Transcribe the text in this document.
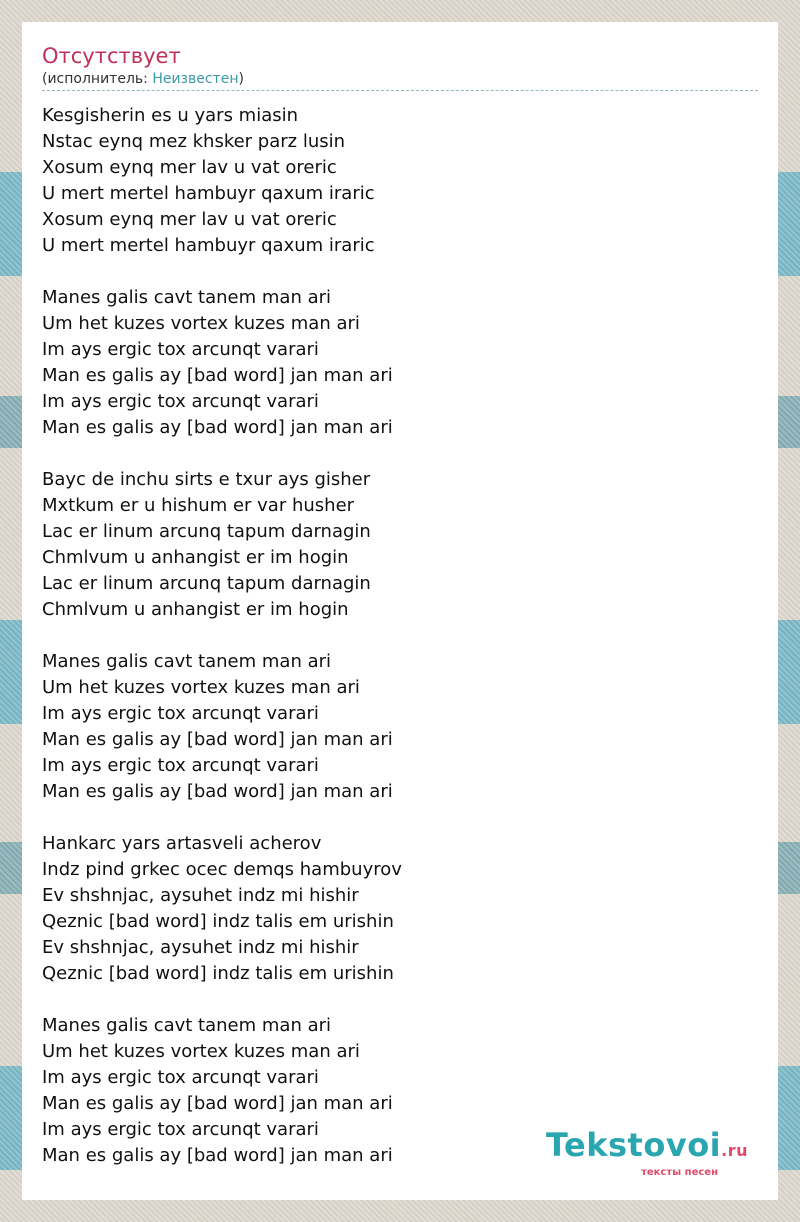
Отсутствует
(исполнитель: Неизвестен)
Kesgisherin es u yars miasin
Nstac eynq mez khsker parz lusin
Xosum eynq mer lav u vat oreric
U mert mertel hambuyr qaxum iraric
Xosum eynq mer lav u vat oreric
U mert mertel hambuyr qaxum iraric
Manes galis cavt tanem man ari
Um het kuzes vortex kuzes man ari
Im ays ergic tox arcunqt varari
Man es galis ay [bad word] jan man ari
Im ays ergic tox arcunqt varari
Man es galis ay [bad word] jan man ari
Bayc de inchu sirts e txur ays gisher
Mxtkum er u hishum er var husher
Lac er linum arcunq tapum darnagin
Chmlvum u anhangist er im hogin
Lac er linum arcunq tapum darnagin
Chmlvum u anhangist er im hogin
Manes galis cavt tanem man ari
Um het kuzes vortex kuzes man ari
Im ays ergic tox arcunqt varari
Man es galis ay [bad word] jan man ari
Im ays ergic tox arcunqt varari
Man es galis ay [bad word] jan man ari
Hankarc yars artasveli acherov
Indz pind grkec ocec demqs hambuyrov
Ev shshnjac, aysuhet indz mi hishir
Qeznic [bad word] indz talis em urishin
Ev shshnjac, aysuhet indz mi hishir
Qeznic [bad word] indz talis em urishin
Manes galis cavt tanem man ari
Um het kuzes vortex kuzes man ari
Im ays ergic tox arcunqt varari
Man es galis ay [bad word] jan man ari
Im ays ergic tox arcunqt varari
Man es galis ay [bad word] jan man ari	Tekstovoi.ru
тексты песен
